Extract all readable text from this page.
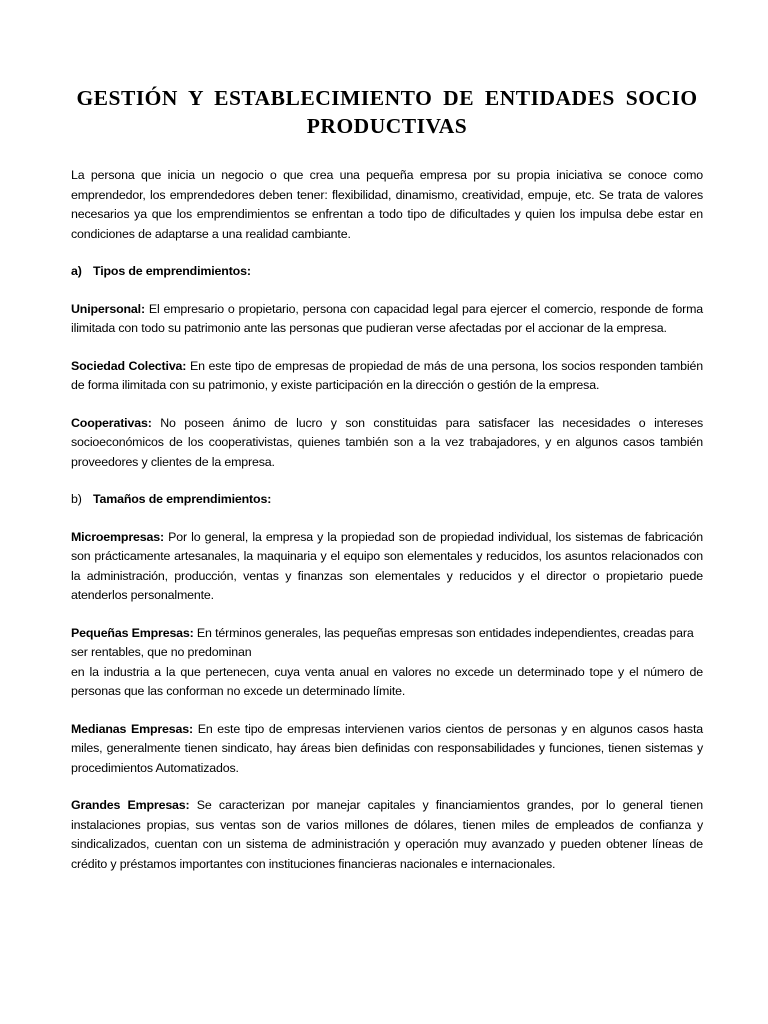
GESTIÓN Y ESTABLECIMIENTO DE ENTIDADES SOCIO
PRODUCTIVAS

La persona que inicia un negocio o que crea una pequeña empresa por su propia iniciativa se conoce como emprendedor, los emprendedores deben tener: flexibilidad, dinamismo, creatividad, empuje, etc. Se trata de valores necesarios ya que los emprendimientos se enfrentan a todo tipo de dificultades y quien los impulsa debe estar en condiciones de adaptarse a una realidad cambiante.

a) Tipos de emprendimientos:

Unipersonal: El empresario o propietario, persona con capacidad legal para ejercer el comercio, responde de forma ilimitada con todo su patrimonio ante las personas que pudieran verse afectadas por el accionar de la empresa.

Sociedad Colectiva: En este tipo de empresas de propiedad de más de una persona, los socios responden también de forma ilimitada con su patrimonio, y existe participación en la dirección o gestión de la empresa.

Cooperativas: No poseen ánimo de lucro y son constituidas para satisfacer las necesidades o intereses socioeconómicos de los cooperativistas, quienes también son a la vez trabajadores, y en algunos casos también proveedores y clientes de la empresa.

b) Tamaños de emprendimientos:

Microempresas: Por lo general, la empresa y la propiedad son de propiedad individual, los sistemas de fabricación son prácticamente artesanales, la maquinaria y el equipo son elementales y reducidos, los asuntos relacionados con la administración, producción, ventas y finanzas son elementales y reducidos y el director o propietario puede atenderlos personalmente.

Pequeñas Empresas: En términos generales, las pequeñas empresas son entidades independientes, creadas para ser rentables, que no predominan
en la industria a la que pertenecen, cuya venta anual en valores no excede un determinado tope y el número de personas que las conforman no excede un determinado límite.

Medianas Empresas: En este tipo de empresas intervienen varios cientos de personas y en algunos casos hasta miles, generalmente tienen sindicato, hay áreas bien definidas con responsabilidades y funciones, tienen sistemas y procedimientos Automatizados.

Grandes Empresas: Se caracterizan por manejar capitales y financiamientos grandes, por lo general tienen instalaciones propias, sus ventas son de varios millones de dólares, tienen miles de empleados de confianza y sindicalizados, cuentan con un sistema de administración y operación muy avanzado y pueden obtener líneas de crédito y préstamos importantes con instituciones financieras nacionales e internacionales.
